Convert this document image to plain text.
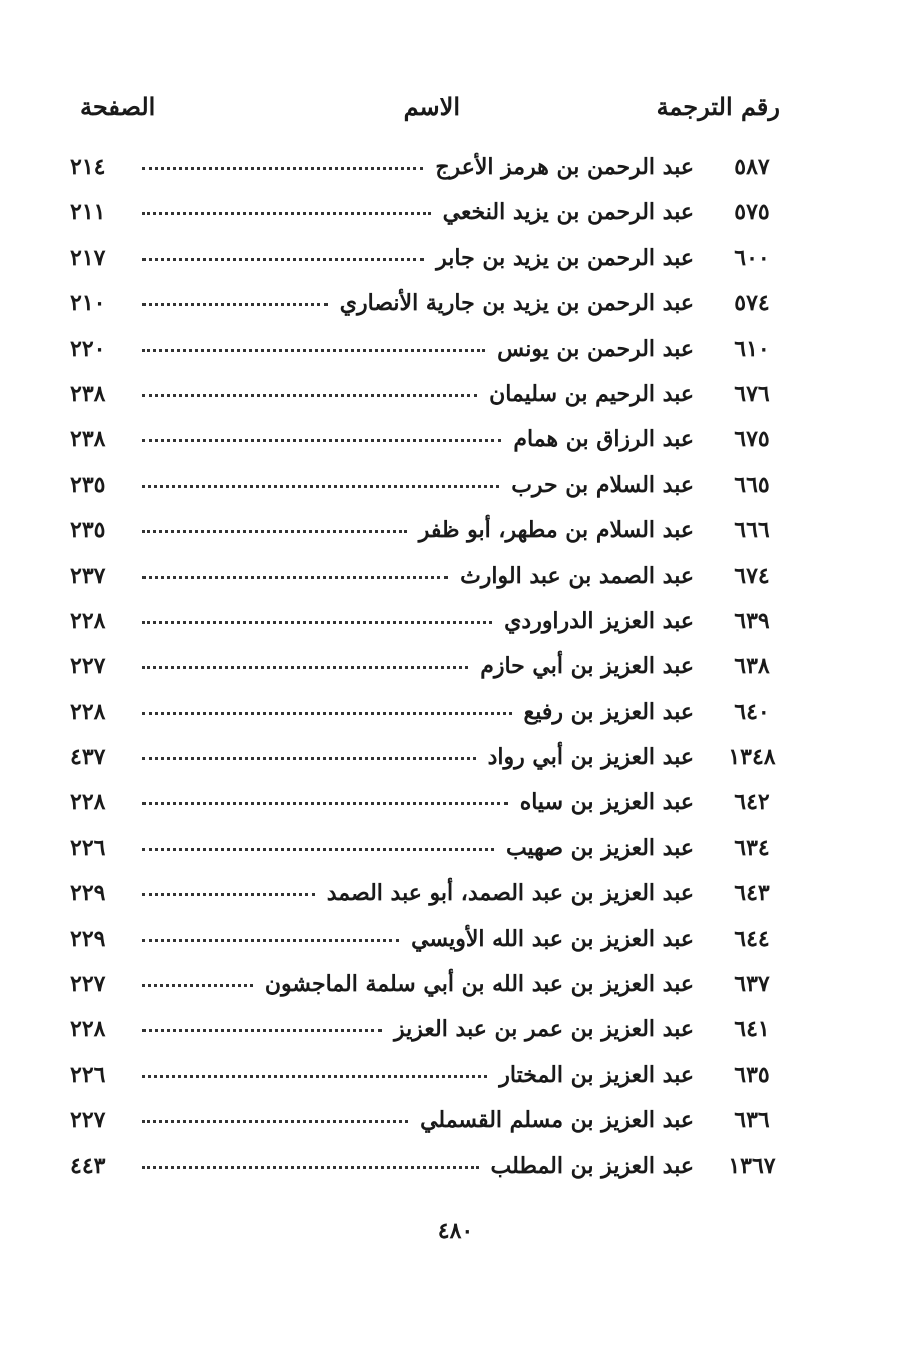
رقم الترجمة
الاسم
الصفحة
٥٨٧
عبد الرحمن بن هرمز الأعرج
٢١٤
٥٧٥
عبد الرحمن بن يزيد النخعي
٢١١
٦٠٠
عبد الرحمن بن يزيد بن جابر
٢١٧
٥٧٤
عبد الرحمن بن يزيد بن جارية الأنصاري
٢١٠
٦١٠
عبد الرحمن بن يونس
٢٢٠
٦٧٦
عبد الرحيم بن سليمان
٢٣٨
٦٧٥
عبد الرزاق بن همام
٢٣٨
٦٦٥
عبد السلام بن حرب
٢٣٥
٦٦٦
عبد السلام بن مطهر، أبو ظفر
٢٣٥
٦٧٤
عبد الصمد بن عبد الوارث
٢٣٧
٦٣٩
عبد العزيز الدراوردي
٢٢٨
٦٣٨
عبد العزيز بن أبي حازم
٢٢٧
٦٤٠
عبد العزيز بن رفيع
٢٢٨
١٣٤٨
عبد العزيز بن أبي رواد
٤٣٧
٦٤٢
عبد العزيز بن سياه
٢٢٨
٦٣٤
عبد العزيز بن صهيب
٢٢٦
٦٤٣
عبد العزيز بن عبد الصمد، أبو عبد الصمد
٢٢٩
٦٤٤
عبد العزيز بن عبد الله الأويسي
٢٢٩
٦٣٧
عبد العزيز بن عبد الله بن أبي سلمة الماجشون
٢٢٧
٦٤١
عبد العزيز بن عمر بن عبد العزيز
٢٢٨
٦٣٥
عبد العزيز بن المختار
٢٢٦
٦٣٦
عبد العزيز بن مسلم القسملي
٢٢٧
١٣٦٧
عبد العزيز بن المطلب
٤٤٣
٤٨٠
